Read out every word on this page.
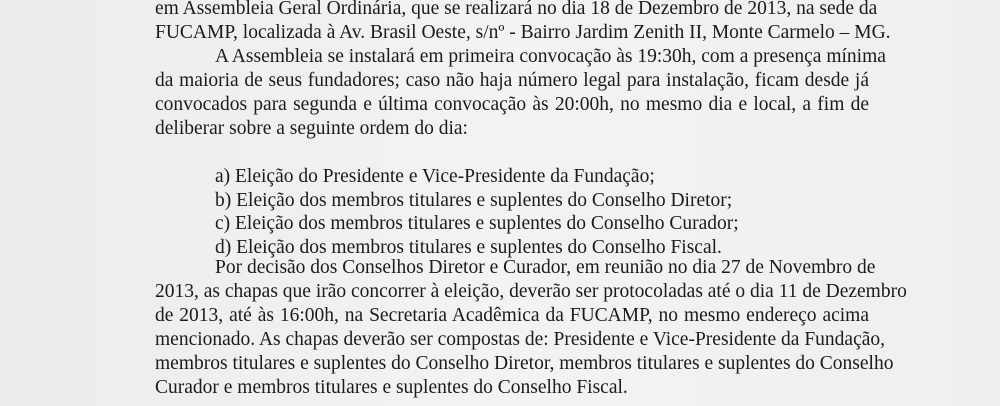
em Assembleia Geral Ordinária, que se realizará no dia 18 de Dezembro de 2013, na sede da
FUCAMP, localizada à Av. Brasil Oeste, s/nº - Bairro Jardim Zenith II, Monte Carmelo – MG.
A Assembleia se instalará em primeira convocação às 19:30h, com a presença mínima
da maioria de seus fundadores; caso não haja número legal para instalação, ficam desde já
convocados para segunda e última convocação às 20:00h, no mesmo dia e local, a fim de
deliberar sobre a seguinte ordem do dia:
a) Eleição do Presidente e Vice-Presidente da Fundação;
b) Eleição dos membros titulares e suplentes do Conselho Diretor;
c) Eleição dos membros titulares e suplentes do Conselho Curador;
d) Eleição dos membros titulares e suplentes do Conselho Fiscal.
Por decisão dos Conselhos Diretor e Curador, em reunião no dia 27 de Novembro de
2013, as chapas que irão concorrer à eleição, deverão ser protocoladas até o dia 11 de Dezembro
de 2013, até às 16:00h, na Secretaria Acadêmica da FUCAMP, no mesmo endereço acima
mencionado. As chapas deverão ser compostas de: Presidente e Vice-Presidente da Fundação,
membros titulares e suplentes do Conselho Diretor, membros titulares e suplentes do Conselho
Curador e membros titulares e suplentes do Conselho Fiscal.
